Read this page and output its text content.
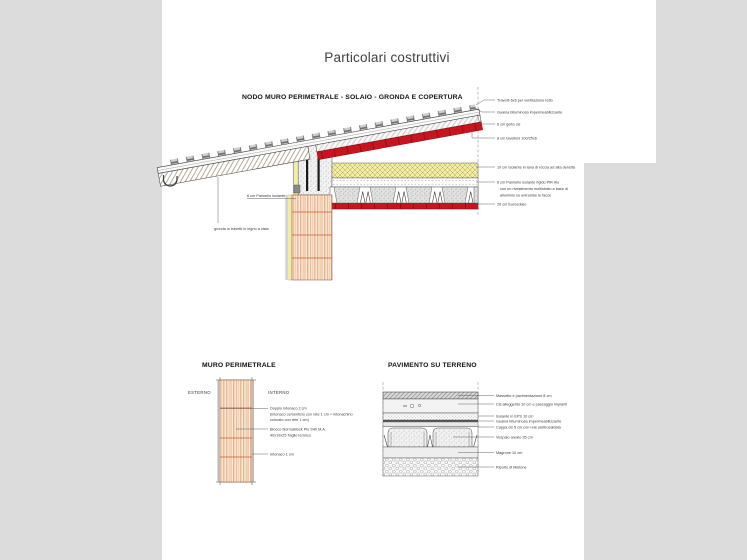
Particolari costruttivi
NODO MURO PERIMETRALE - SOLAIO - GRONDA E COPERTURA
MURO PERIMETRALE	PAVIMENTO SU TERRENO
Travetti 6x6 per ventilazione tetto
Guaina bituminosa impermeabilizzante
6 cm getto cls
8 cm tavelloni 100/25x6
10 cm Isolante in lana di roccia ad alta densità
6 cm Pannello isolante rigido PIR Alu
con un rivestimento multistrato a base di
alluminio su entrambe le facce
26 cm Eurosolaio
6 cm Pannello isolante
gronda in travetti in legno a vista
ESTERNO	INTERNO
Doppio intonaco 2 cm
(intonaco cementizio con rete 1 cm + intonachino
colorato con rete 1 cm)
Blocco Normablock Più S40 M.A.
40x19x25 Taglio termico
Intonaco 1 cm
Massetto e pavimentazione 8 cm
Cls alleggerito 10 cm e passaggio impianti
Isolante in EPS 10 cm
Guaina bituminosa impermeabilizzante
Cappa cls 5 cm con rete elettrosaldata
Vespaio areato 35 cm
Magrone 10 cm
Riporto di Mistone
